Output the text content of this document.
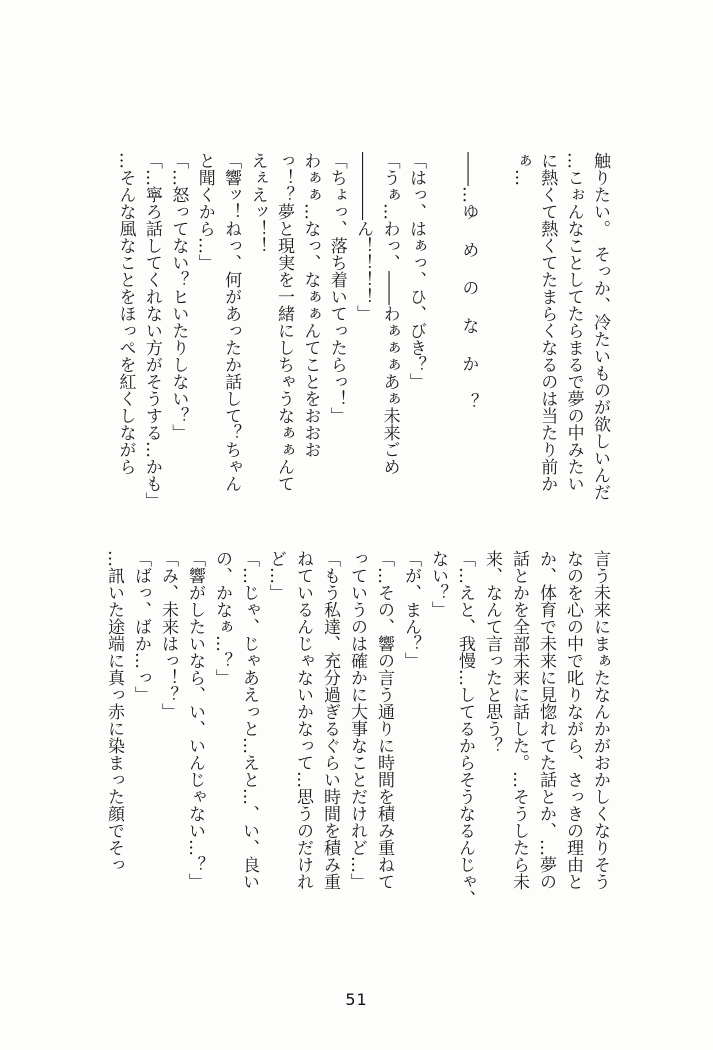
触りたい。　そっか、冷たいものが欲しいんだ
…こぉんなことしてたらまるで夢の中みたい
に熱くて熱くてたまらくなるのは当たり前か
ぁ…
――…ゆめのなか？
「はっ、はぁっ、ひ、びき？」
「うぁ…わっ、――わぁぁぁあぁ未来ごめ
――――ん！！！！」
「ちょっ、落ち着いてったらっ！」
わぁぁ…なっ、なぁぁんてことをおおお
っ！？夢と現実を一緒にしちゃうなぁぁんて
えぇえッ！！
「響ッ！ねっ、何があったか話して？ちゃん
と聞くから…」
「…怒ってない？ヒいたりしない？」
「…寧ろ話してくれない方がそうする…かも」
…そんな風なことをほっぺを紅くしながら
言う未来にまぁたなんかがおかしくなりそう
なのを心の中で叱りながら、さっきの理由と
か、体育で未来に見惚れてた話とか、…夢の
話とかを全部未来に話した。…そうしたら未
来、なんて言ったと思う？
「…えと、我慢…してるからそうなるんじゃ、
ない？」
「が、まん？」
「…その、響の言う通りに時間を積み重ねて
っていうのは確かに大事なことだけれど…」
「もう私達、充分過ぎるぐらい時間を積み重
ねているんじゃないかなって…思うのだけれ
ど…」
「…じゃ、じゃあえっと…えと…、い、良い
の、かなぁ…？」
「響がしたいなら、い、いんじゃない…？」
「み、未来はっ！？」
「ばっ、ばか…っ」
…訊いた途端に真っ赤に染まった顔でそっ
51
